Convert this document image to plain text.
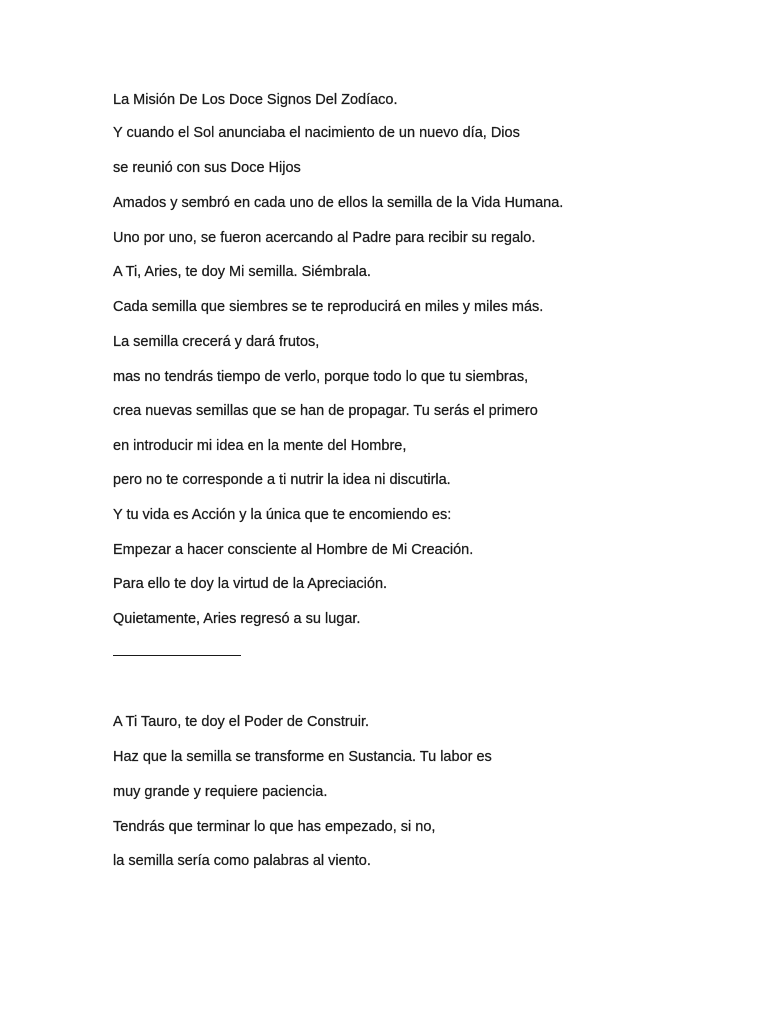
La Misión De Los Doce Signos Del Zodíaco.
Y cuando el Sol anunciaba el nacimiento de un nuevo día, Dios
se reunió con sus Doce Hijos
Amados y sembró en cada uno de ellos la semilla de la Vida Humana.
Uno por uno, se fueron acercando al Padre para recibir su regalo.
A Ti, Aries, te doy Mi semilla. Siémbrala.
Cada semilla que siembres se te reproducirá en miles y miles más.
La semilla crecerá y dará frutos,
mas no tendrás tiempo de verlo, porque todo lo que tu siembras,
crea nuevas semillas que se han de propagar. Tu serás el primero
en introducir mi idea en la mente del Hombre,
pero no te corresponde a ti nutrir la idea ni discutirla.
Y tu vida es Acción y la única que te encomiendo es:
Empezar a hacer consciente al Hombre de Mi Creación.
Para ello te doy la virtud de la Apreciación.
Quietamente, Aries regresó a su lugar.
A Ti Tauro, te doy el Poder de Construir.
Haz que la semilla se transforme en Sustancia. Tu labor es
muy grande y requiere paciencia.
Tendrás que terminar lo que has empezado, si no,
la semilla sería como palabras al viento.
